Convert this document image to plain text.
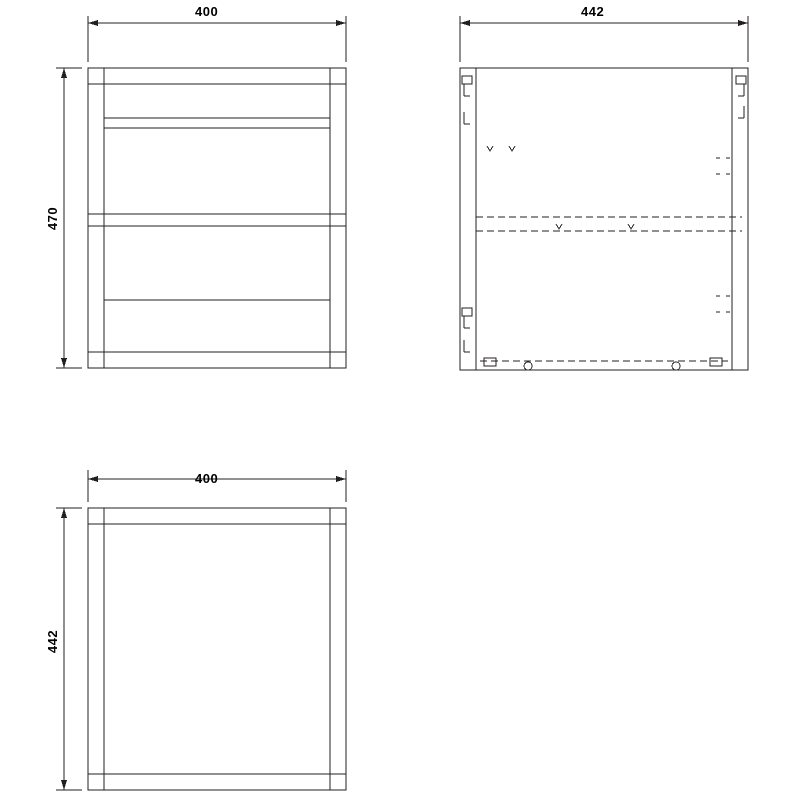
400
470
442
400
442
